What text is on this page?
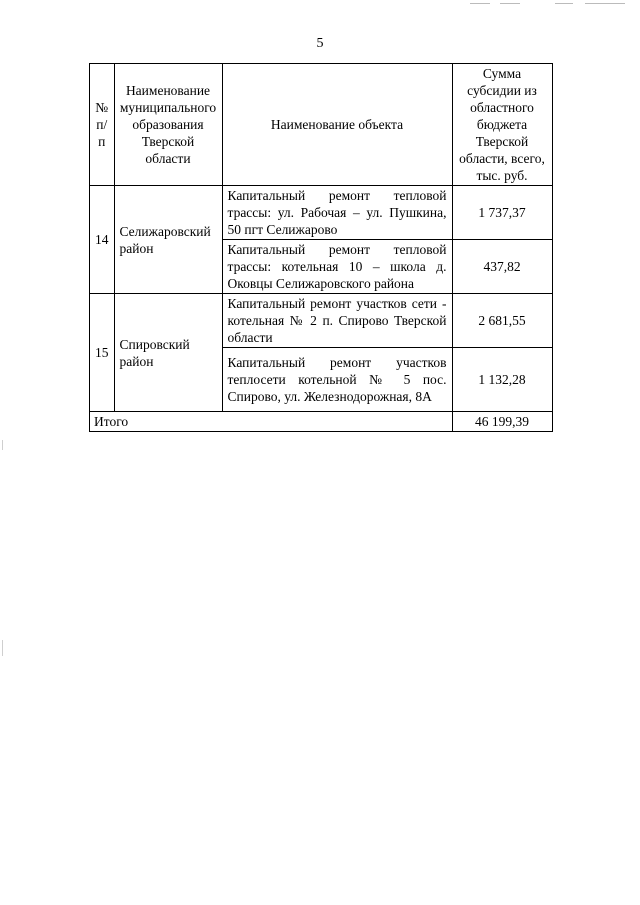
5
№ п/п	Наименование муниципального образования Тверской области	Наименование объекта	Сумма субсидии из областного бюджета Тверской области, всего, тыс. руб.
14	Селижаровский район	Капитальный ремонт тепловой трассы: ул. Рабочая – ул. Пушкина, 50 пгт Селижарово	1 737,37
		Капитальный ремонт тепловой трассы: котельная 10 – школа д. Оковцы Селижаровского района	437,82
15	Спировский район	Капитальный ремонт участков сети - котельная № 2 п. Спирово Тверской области	2 681,55
		Капитальный ремонт участков теплосети котельной № 5 пос. Спирово, ул. Железнодорожная, 8А	1 132,28
Итого			46 199,39
